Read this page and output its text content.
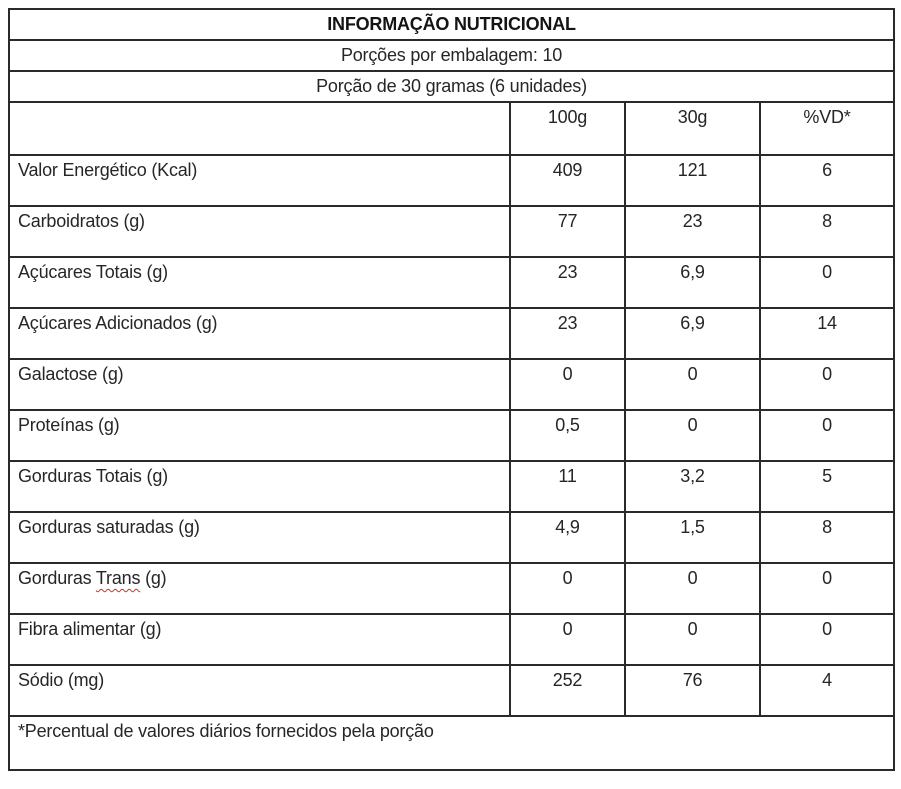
INFORMAÇÃO NUTRICIONAL			
Porções por embalagem: 10			
Porção de 30 gramas (6 unidades)			
	100g	30g	%VD*
Valor Energético (Kcal)	409	121	6
Carboidratos (g)	77	23	8
Açúcares Totais (g)	23	6,9	0
Açúcares Adicionados (g)	23	6,9	14
Galactose (g)	0	0	0
Proteínas (g)	0,5	0	0
Gorduras Totais (g)	11	3,2	5
Gorduras saturadas (g)	4,9	1,5	8
Gorduras Trans (g)	0	0	0
Fibra alimentar (g)	0	0	0
Sódio (mg)	252	76	4
*Percentual de valores diários fornecidos pela porção			
